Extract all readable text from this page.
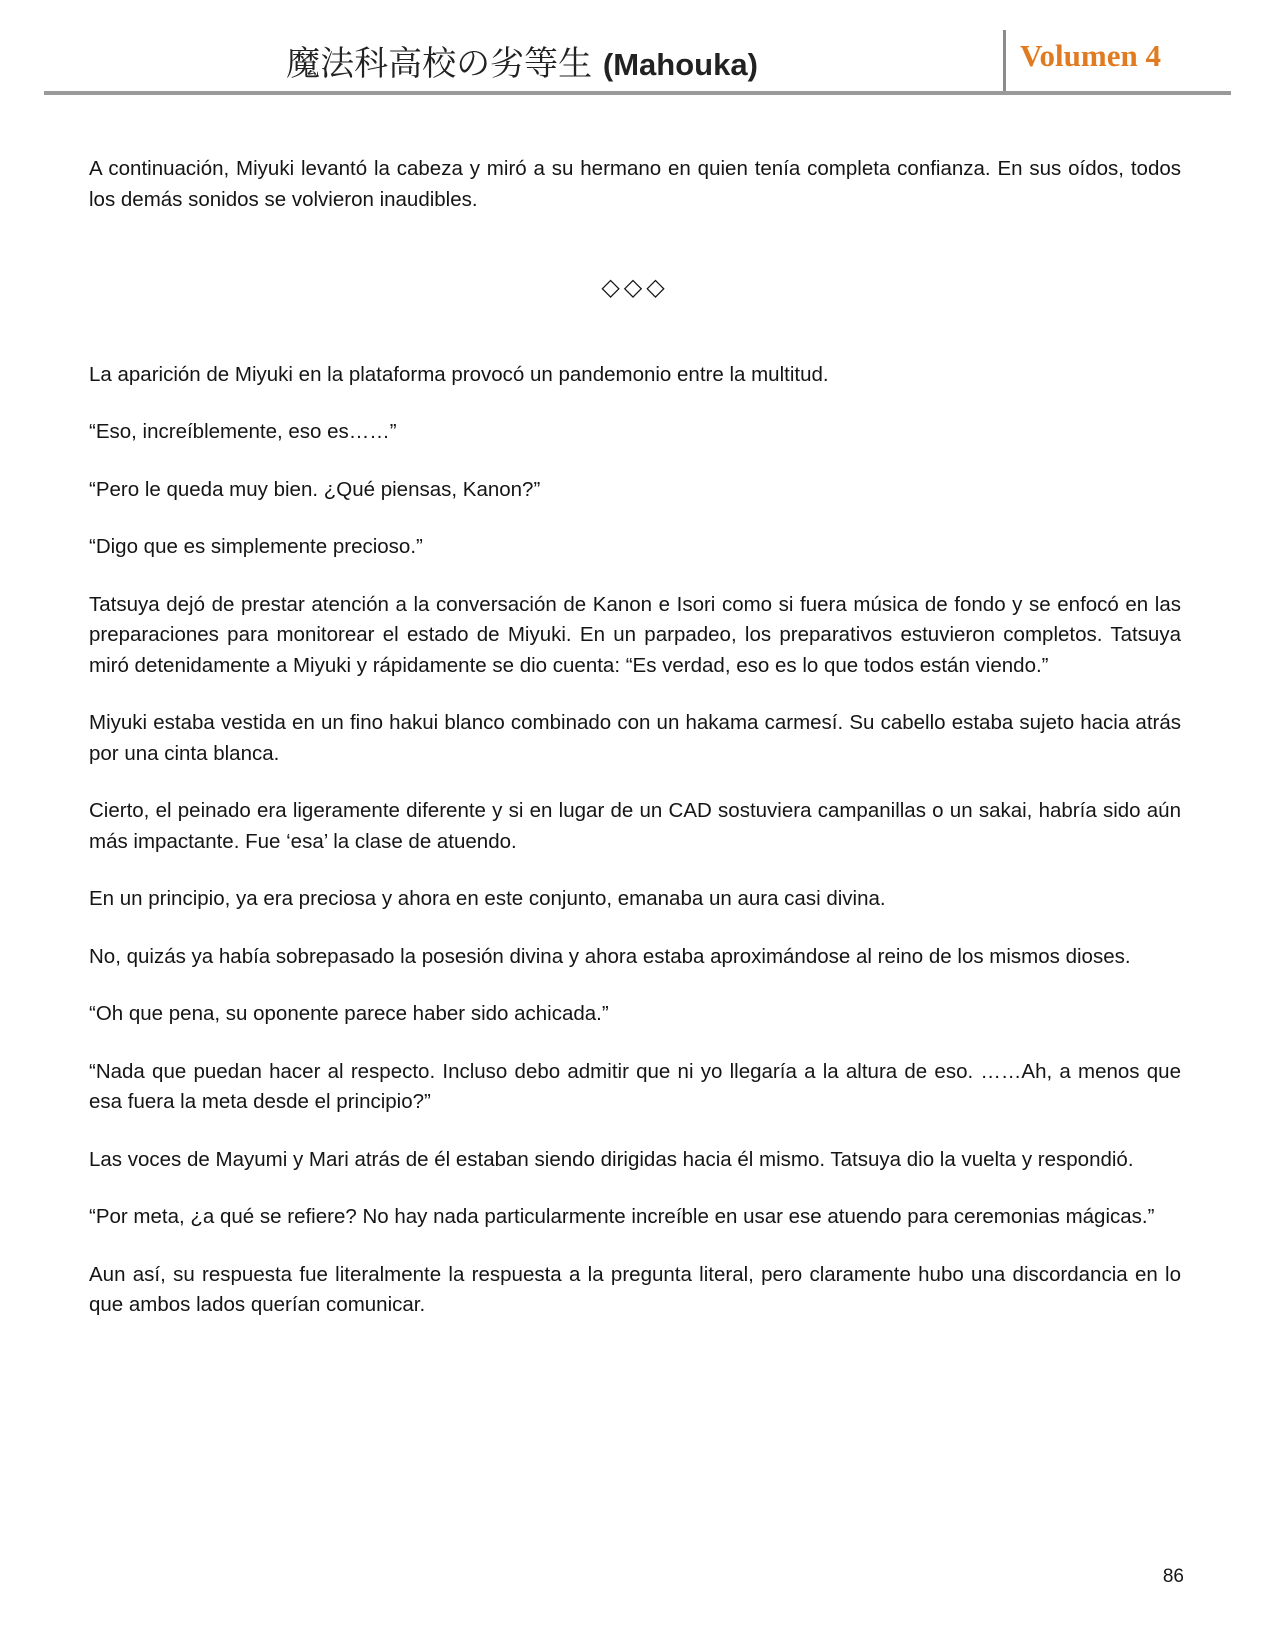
魔法科高校の劣等生 (Mahouka)	Volumen 4

A continuación, Miyuki levantó la cabeza y miró a su hermano en quien tenía completa confianza. En sus oídos, todos los demás sonidos se volvieron inaudibles.

◇◇◇

La aparición de Miyuki en la plataforma provocó un pandemonio entre la multitud.

“Eso, increíblemente, eso es……”

“Pero le queda muy bien. ¿Qué piensas, Kanon?”

“Digo que es simplemente precioso.”

Tatsuya dejó de prestar atención a la conversación de Kanon e Isori como si fuera música de fondo y se enfocó en las preparaciones para monitorear el estado de Miyuki. En un parpadeo, los preparativos estuvieron completos. Tatsuya miró detenidamente a Miyuki y rápidamente se dio cuenta: “Es verdad, eso es lo que todos están viendo.”

Miyuki estaba vestida en un fino hakui blanco combinado con un hakama carmesí. Su cabello estaba sujeto hacia atrás por una cinta blanca.

Cierto, el peinado era ligeramente diferente y si en lugar de un CAD sostuviera campanillas o un sakai, habría sido aún más impactante. Fue ‘esa’ la clase de atuendo.

En un principio, ya era preciosa y ahora en este conjunto, emanaba un aura casi divina.

No, quizás ya había sobrepasado la posesión divina y ahora estaba aproximándose al reino de los mismos dioses.

“Oh que pena, su oponente parece haber sido achicada.”

“Nada que puedan hacer al respecto. Incluso debo admitir que ni yo llegaría a la altura de eso. ……Ah, a menos que esa fuera la meta desde el principio?”

Las voces de Mayumi y Mari atrás de él estaban siendo dirigidas hacia él mismo. Tatsuya dio la vuelta y respondió.

“Por meta, ¿a qué se refiere? No hay nada particularmente increíble en usar ese atuendo para ceremonias mágicas.”

Aun así, su respuesta fue literalmente la respuesta a la pregunta literal, pero claramente hubo una discordancia en lo que ambos lados querían comunicar.

86
